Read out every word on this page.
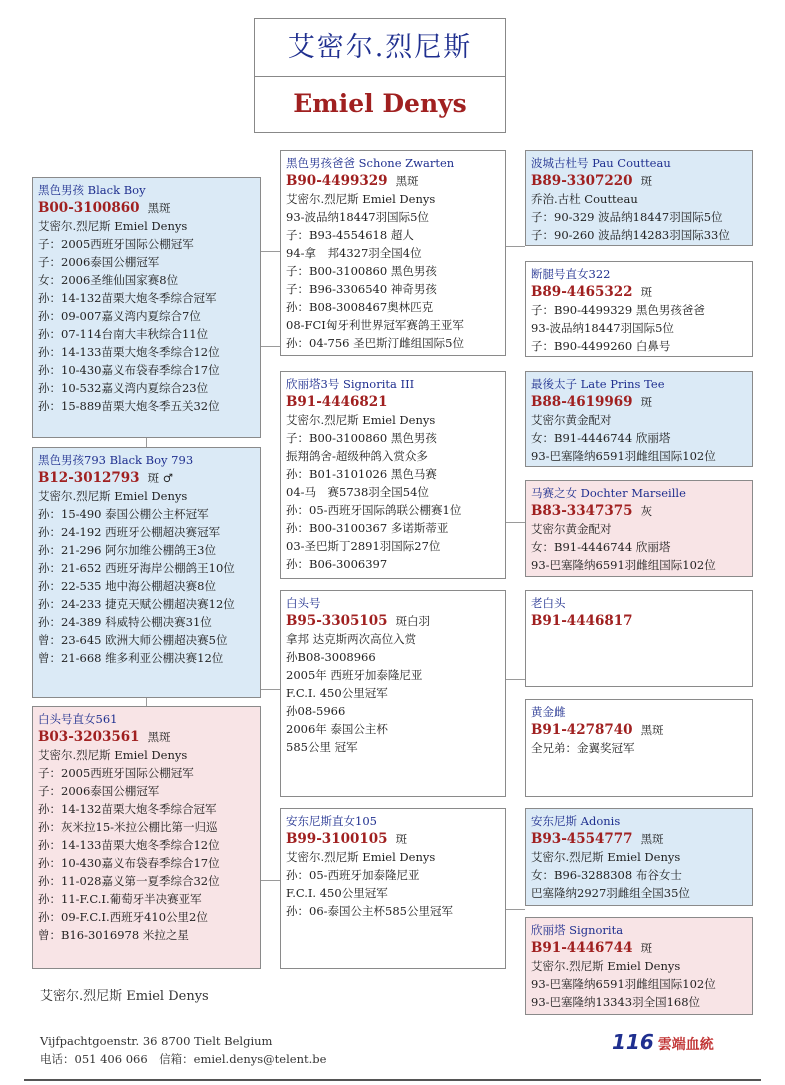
艾密尔.烈尼斯
Emiel Denys
黑色男孩 Black Boy
B00-3100860 黑斑
艾密尔.烈尼斯 Emiel Denys
子：2005西班牙国际公棚冠军
子：2006泰国公棚冠军
女：2006圣维仙国家赛8位
孙：14-132苗栗大炮冬季综合冠军
孙：09-007嘉义湾内夏综合7位
孙：07-114台南大丰秋综合11位
孙：14-133苗栗大炮冬季综合12位
孙：10-430嘉义布袋春季综合17位
孙：10-532嘉义湾内夏综合23位
孙：15-889苗栗大炮冬季五关32位
黑色男孩793 Black Boy 793
B12-3012793 斑 ♂
艾密尔.烈尼斯 Emiel Denys
孙：15-490 泰国公棚公主杯冠军
孙：24-192 西班牙公棚超决赛冠军
孙：21-296 阿尔加维公棚鸽王3位
孙：21-652 西班牙海岸公棚鸽王10位
孙：22-535 地中海公棚超决赛8位
孙：24-233 捷克天赋公棚超决赛12位
孙：24-389 科威特公棚决赛31位
曾：23-645 欧洲大师公棚超决赛5位
曾：21-668 维多利亚公棚决赛12位
白头号直女561
B03-3203561 黑斑
艾密尔.烈尼斯 Emiel Denys
子：2005西班牙国际公棚冠军
子：2006泰国公棚冠军
孙：14-132苗栗大炮冬季综合冠军
孙：灰米拉15-米拉公棚比第一归巡
孙：14-133苗栗大炮冬季综合12位
孙：10-430嘉义布袋春季综合17位
孙：11-028嘉义第一夏季综合32位
孙：11-F.C.I.葡萄牙半决赛亚军
孙：09-F.C.I.西班牙410公里2位
曾：B16-3016978 米拉之星
黑色男孩爸爸 Schone Zwarten
B90-4499329 黑斑
艾密尔.烈尼斯 Emiel Denys
93-波品纳18447羽国际5位
子：B93-4554618 超人
94-拿　邦4327羽全国4位
子：B00-3100860 黑色男孩
子：B96-3306540 神奇男孩
孙：B08-3008467奥林匹克
08-FCI匈牙利世界冠军赛鸽王亚军
孙：04-756 圣巴斯汀雌组国际5位
欣丽塔3号 Signorita III
B91-4446821
艾密尔.烈尼斯 Emiel Denys
子：B00-3100860 黑色男孩
振翔鸽舍-超级种鸽入赏众多
孙：B01-3101026 黑色马赛
04-马　赛5738羽全国54位
孙：05-西班牙国际鸽联公棚赛1位
孙：B00-3100367 多诺斯蒂亚
03-圣巴斯丁2891羽国际27位
孙：B06-3006397
白头号
B95-3305105 斑白羽
拿邦 达克斯两次高位入赏
孙B08-3008966
2005年 西班牙加泰隆尼亚
F.C.I. 450公里冠军
孙08-5966
2006年 泰国公主杯
585公里 冠军
安东尼斯直女105
B99-3100105 斑
艾密尔.烈尼斯 Emiel Denys
孙：05-西班牙加泰隆尼亚
F.C.I. 450公里冠军
孙：06-泰国公主杯585公里冠军
波城古杜号 Pau Coutteau
B89-3307220 斑
乔治.古杜 Coutteau
子：90-329 波品纳18447羽国际5位
子：90-260 波品纳14283羽国际33位
断腿号直女322
B89-4465322 斑
子：B90-4499329 黑色男孩爸爸
93-波品纳18447羽国际5位
子：B90-4499260 白鼻号
最後太子 Late Prins Tee
B88-4619969 斑
艾密尔黄金配对
女：B91-4446744 欣丽塔
93-巴塞隆纳6591羽雌组国际102位
马赛之女 Dochter Marseille
B83-3347375 灰
艾密尔黄金配对
女：B91-4446744 欣丽塔
93-巴塞隆纳6591羽雌组国际102位
老白头
B91-4446817
黄金雌
B91-4278740 黑斑
全兄弟：金翼奖冠军
安东尼斯 Adonis
B93-4554777 黑斑
艾密尔.烈尼斯 Emiel Denys
女：B96-3288308 布谷女士
巴塞隆纳2927羽雌组全国35位
欣丽塔 Signorita
B91-4446744 斑
艾密尔.烈尼斯 Emiel Denys
93-巴塞隆纳6591羽雌组国际102位
93-巴塞隆纳13343羽全国168位
艾密尔.烈尼斯 Emiel Denys
Vijfpachtgoenstr. 36 8700 Tielt Belgium
电话：051 406 066　信箱：emiel.denys@telent.be
116 雲端血統
